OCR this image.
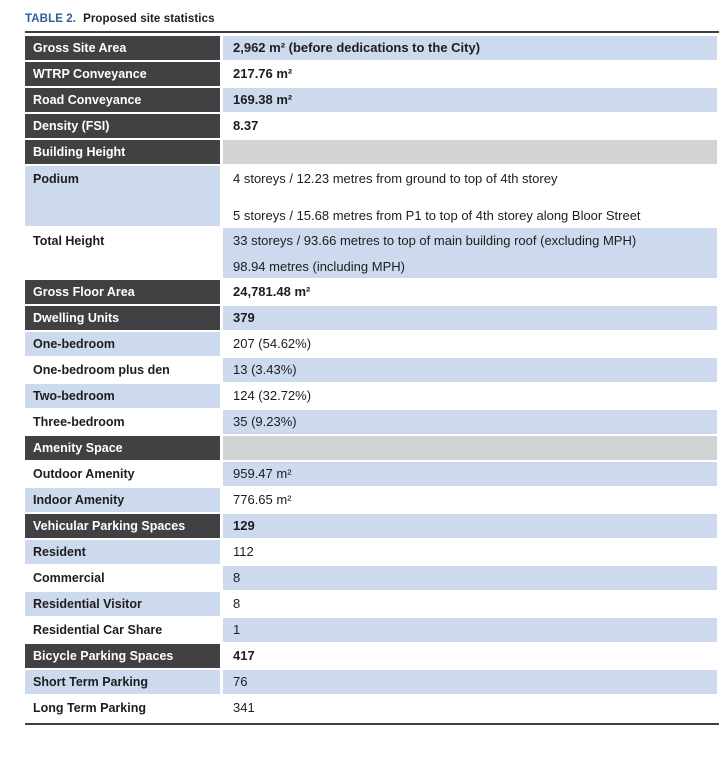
TABLE 2. Proposed site statistics
Gross Site Area	2,962 m² (before dedications to the City)
WTRP Conveyance	217.76 m²
Road Conveyance	169.38 m²
Density (FSI)	8.37
Building Height
Podium	4 storeys / 12.23 metres from ground to top of 4th storey
5 storeys / 15.68 metres from P1 to top of 4th storey along Bloor Street
Total Height	33 storeys / 93.66 metres to top of main building roof (excluding MPH)
98.94 metres (including MPH)
Gross Floor Area	24,781.48 m²
Dwelling Units	379
One-bedroom	207 (54.62%)
One-bedroom plus den	13 (3.43%)
Two-bedroom	124 (32.72%)
Three-bedroom	35 (9.23%)
Amenity Space
Outdoor Amenity	959.47 m²
Indoor Amenity	776.65 m²
Vehicular Parking Spaces	129
Resident	112
Commercial	8
Residential Visitor	8
Residential Car Share	1
Bicycle Parking Spaces	417
Short Term Parking	76
Long Term Parking	341
